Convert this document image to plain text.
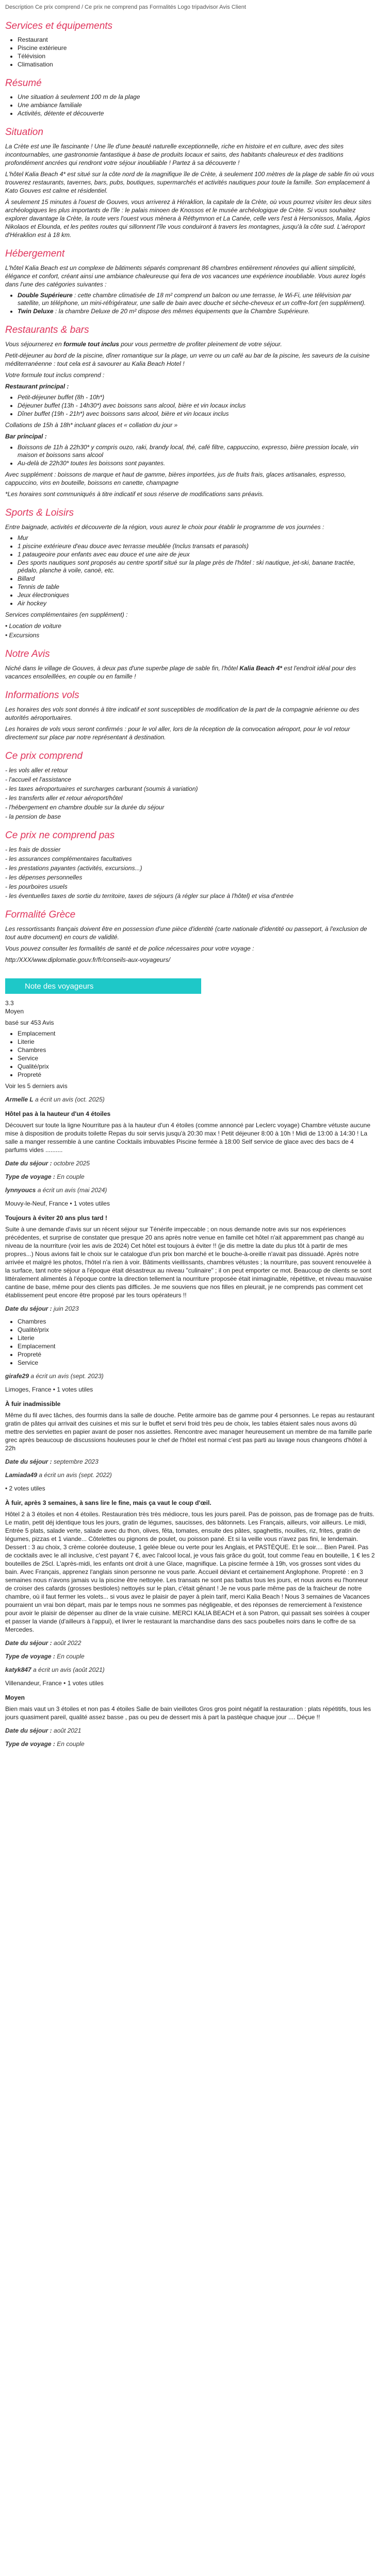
Description Ce prix comprend / Ce prix ne comprend pas Formalités Logo tripadvisor Avis Client

Services et équipements
• Restaurant
• Piscine extérieure
• Télévision
• Climatisation
Résumé
• Une situation à seulement 100 m de la plage
• Une ambiance familiale
• Activités, détente et découverte
Situation

La Crète est une île fascinante ! Une île d'une beauté naturelle exceptionnelle, riche en histoire et en culture, avec des sites incontournables, une gastronomie fantastique à base de produits locaux et sains, des habitants chaleureux et des traditions profondément ancrées qui rendront votre séjour inoubliable ! Partez à sa découverte !

L'hôtel Kalia Beach 4* est situé sur la côte nord de la magnifique île de Crète, à seulement 100 mètres de la plage de sable fin où vous trouverez restaurants, tavernes, bars, pubs, boutiques, supermarchés et activités nautiques pour toute la famille. Son emplacement à Kato Gouves est calme et résidentiel.

À seulement 15 minutes à l'ouest de Gouves, vous arriverez à Héraklion, la capitale de la Crète, où vous pourrez visiter les deux sites archéologiques les plus importants de l'île : le palais minoen de Knossos et le musée archéologique de Crète. Si vous souhaitez explorer davantage la Crète, la route vers l'ouest vous mènera à Réthymnon et La Canée, celle vers l'est à Hersonissos, Malia, Ágios Nikolaos et Elounda, et les petites routes qui sillonnent l'île vous conduiront à travers les montagnes, jusqu'à la côte sud. L'aéroport d'Héraklion est à 18 km.

Hébergement

L'hôtel Kalia Beach est un complexe de bâtiments séparés comprenant 86 chambres entièrement rénovées qui allient simplicité, élégance et confort, créant ainsi une ambiance chaleureuse qui fera de vos vacances une expérience inoubliable. Vous aurez logés dans l'une des catégories suivantes :

• Double Supérieure : cette chambre climatisée de 18 m² comprend un balcon ou une terrasse, le Wi-Fi, une télévision par satellite, un téléphone, un mini-réfrigérateur, une salle de bain avec douche et sèche-cheveux et un coffre-fort (en supplément).
• Twin Deluxe : la chambre Deluxe de 20 m² dispose des mêmes équipements que la Chambre Supérieure.
Restaurants & bars

Vous séjournerez en formule tout inclus pour vous permettre de profiter pleinement de votre séjour.

Petit-déjeuner au bord de la piscine, dîner romantique sur la plage, un verre ou un café au bar de la piscine, les saveurs de la cuisine méditerranéenne : tout cela est à savourer au Kalia Beach Hotel !

Votre formule tout inclus comprend :

Restaurant principal :

• Petit-déjeuner buffet (8h - 10h*)
• Déjeuner buffet (13h - 14h30*) avec boissons sans alcool, bière et vin locaux inclus
• Dîner buffet (19h - 21h*) avec boissons sans alcool, bière et vin locaux inclus

Collations de 15h à 18h* incluant glaces et « collation du jour »

Bar principal :

• Boissons de 11h à 22h30* y compris ouzo, raki, brandy local, thé, café filtre, cappuccino, expresso, bière pression locale, vin maison et boissons sans alcool
• Au-delà de 22h30* toutes les boissons sont payantes.

Avec supplément : boissons de marque et haut de gamme, bières importées, jus de fruits frais, glaces artisanales, espresso, cappuccino, vins en bouteille, boissons en canette, champagne

*Les horaires sont communiqués à titre indicatif et sous réserve de modifications sans préavis.

Sports & Loisirs

Entre baignade, activités et découverte de la région, vous aurez le choix pour établir le programme de vos journées :

• Mur
• 1 piscine extérieure d'eau douce avec terrasse meublée (Inclus transats et parasols)
• 1 pataugeoire pour enfants avec eau douce et une aire de jeux
• Des sports nautiques sont proposés au centre sportif situé sur la plage près de l'hôtel : ski nautique, jet-ski, banane tractée, pédalo, planche à voile, canoë, etc.
• Billard
• Tennis de table
• Jeux électroniques
• Air hockey

Services complémentaires (en supplément) :

• Location de voiture

• Excursions

Notre Avis

Niché dans le village de Gouves, à deux pas d'une superbe plage de sable fin, l'hôtel Kalia Beach 4* est l'endroit idéal pour des vacances ensoleillées, en couple ou en famille !

Informations vols

Les horaires des vols sont donnés à titre indicatif et sont susceptibles de modification de la part de la compagnie aérienne ou des autorités aéroportuaires.

Les horaires de vols vous seront confirmés : pour le vol aller, lors de la réception de la convocation aéroport, pour le vol retour directement sur place par notre représentant à destination.

Ce prix comprend

- les vols aller et retour

- l'accueil et l'assistance

- les taxes aéroportuaires et surcharges carburant (soumis à variation)

- les transferts aller et retour aéroport/hôtel

- l'hébergement en chambre double sur la durée du séjour

- la pension de base

Ce prix ne comprend pas

- les frais de dossier

- les assurances complémentaires facultatives

- les prestations payantes (activités, excursions...)

- les dépenses personnelles

- les pourboires usuels

- les éventuelles taxes de sortie du territoire, taxes de séjours (à régler sur place à l'hôtel) et visa d'entrée

Formalité Grèce

Les ressortissants français doivent être en possession d'une pièce d'identité (carte nationale d'identité ou passeport, à l'exclusion de tout autre document) en cours de validité.

Vous pouvez consulter les formalités de santé et de police nécessaires pour votre voyage :

http:/XXX/www.diplomatie.gouv.fr/fr/conseils-aux-voyageurs/

Note des voyageurs

3.3

Moyen

basé sur 453 Avis

• Emplacement
• Literie
• Chambres
• Service
• Qualité/prix
• Propreté

Voir les 5 derniers avis

Armelle L a écrit un avis (oct. 2025)

Hôtel pas à la hauteur d'un 4 étoiles

Découvert sur toute la ligne Nourriture pas à la hauteur d'un 4 étoiles (comme annoncé par Leclerc voyage) Chambre vétuste aucune mise à disposition de produits toilette Repas du soir servis jusqu'à 20:30 max ! Petit déjeuner 8:00 à 10h ! Midi de 13:00 à 14:30 ! La salle a manger ressemble à une cantine Cocktails imbuvables Piscine fermée à 18:00 Self service de glace avec des bacs de 4 parfums vides ..........

Date du séjour : octobre 2025

Type de voyage : En couple

lynnyoucs a écrit un avis (mai 2024)

Mouvy-le-Neuf, France • 1 votes utiles

Toujours à éviter 20 ans plus tard !

Suite à une demande d'avis sur un récent séjour sur Ténérife impeccable ; on nous demande notre avis sur nos expériences précédentes, et surprise de constater que presque 20 ans après notre venue en famille cet hôtel n'ait apparemment pas changé au niveau de la nourriture (voir les avis de 2024) Cet hôtel est toujours à éviter !! (je dis mettre la date du plus tôt à partir de mes propres...) Nous avions fait le choix sur le catalogue d'un prix bon marché et le bouche-à-oreille n'avait pas dissuadé. Après notre arrivée et malgré les photos, l'hôtel n'a rien à voir. Bâtiments vieillissants, chambres vétustes ; la nourriture, pas souvent renouvelée à la surface, tant notre séjour a l'époque était désastreux au niveau "culinaire" ; il on peut emporter ce mot. Beaucoup de clients se sont littéralement alimentés à l'époque contre la direction tellement la nourriture proposée était inimaginable, répétitive, et niveau mauvaise cantine de base, même pour des clients pas difficiles. Je me souviens que nos filles en pleurait, je ne comprends pas comment cet établissement peut encore être proposé par les tours opérateurs !!

Date du séjour : juin 2023

• Chambres
• Qualité/prix
• Literie
• Emplacement
• Propreté
• Service

girafe29 a écrit un avis (sept. 2023)

Limoges, France • 1 votes utiles

À fuir inadmissible

Même du fil avec tâches, des fourmis dans la salle de douche. Petite armoire bas de gamme pour 4 personnes. Le repas au restaurant gratin de pâtes qui arrivait des cuisines et mis sur le buffet et servi froid très peu de choix, les tables étaient sales nous avons dû mettre des serviettes en papier avant de poser nos assiettes. Rencontre avec manager heureusement un membre de ma famille parle grec après beaucoup de discussions houleuses pour le chef de l'hôtel est normal c'est pas parti au lavage nous changeons d'hôtel à 22h

Date du séjour : septembre 2023

Lamiada49 a écrit un avis (sept. 2022)

• 2 votes utiles

À fuir, après 3 semaines, à sans lire le fine, mais ça vaut le coup d'œil.

Hôtel 2 à 3 étoiles et non 4 étoiles. Restauration très très médiocre, tous les jours pareil. Pas de poisson, pas de fromage pas de fruits. Le matin, petit déj identique tous les jours, gratin de légumes, saucisses, des bâtonnets. Les Français, ailleurs, voir ailleurs. Le midi, Entrée 5 plats, salade verte, salade avec du thon, olives, fêta, tomates, ensuite des pâtes, spaghettis, nouilles, riz, frites, gratin de légumes, pizzas et 1 viande... Côtelettes ou pignons de poulet, ou poisson pané. Et si la veille vous n'avez pas fini, le lendemain. Dessert : 3 au choix, 3 crème colorée douteuse, 1 gelée bleue ou verte pour les Anglais, et PASTÈQUE. Et le soir.... Bien Pareil. Pas de cocktails avec le all inclusive, c'est payant 7 €, avec l'alcool local, je vous fais grâce du goût, tout comme l'eau en bouteille, 1 € les 2 bouteilles de 25cl. L'après-midi, les enfants ont droit à une Glace, magnifique. La piscine fermée à 19h, vos grosses sont vides du bain. Avec Français, apprenez l'anglais sinon personne ne vous parle. Accueil déviant et certainement Anglophone. Propreté : en 3 semaines nous n'avons jamais vu la piscine être nettoyée. Les transats ne sont pas battus tous les jours, et nous avons eu l'honneur de croiser des cafards (grosses bestioles) nettoyés sur le plan, c'était gênant ! Je ne vous parle même pas de la fraicheur de notre chambre, où il faut fermer les volets... si vous avez le plaisir de payer à plein tarif, merci Kalia Beach ! Nous 3 semaines de Vacances pourraient un vrai bon départ, mais par le temps nous ne sommes pas négligeable, et des réponses de remerciement à l'existence pour avoir le plaisir de dépenser au dîner de la vraie cuisine. MERCI KALIA BEACH et à son Patron, qui passait ses soirées à couper et passer la viande (d'ailleurs à l'appui), et livrer le restaurant la marchandise dans des sacs poubelles noirs dans le coffre de sa Mercedes.

Date du séjour : août 2022

Type de voyage : En couple

katyk847 a écrit un avis (août 2021)

Villenandeur, France • 1 votes utiles

Moyen

Bien mais vaut un 3 étoiles et non pas 4 étoiles Salle de bain vieillotes Gros gros point négatif la restauration : plats répétitifs, tous les jours quasiment pareil, qualité assez basse , pas ou peu de dessert mis à part la pastèque chaque jour .... Déçue !!

Date du séjour : août 2021

Type de voyage : En couple
